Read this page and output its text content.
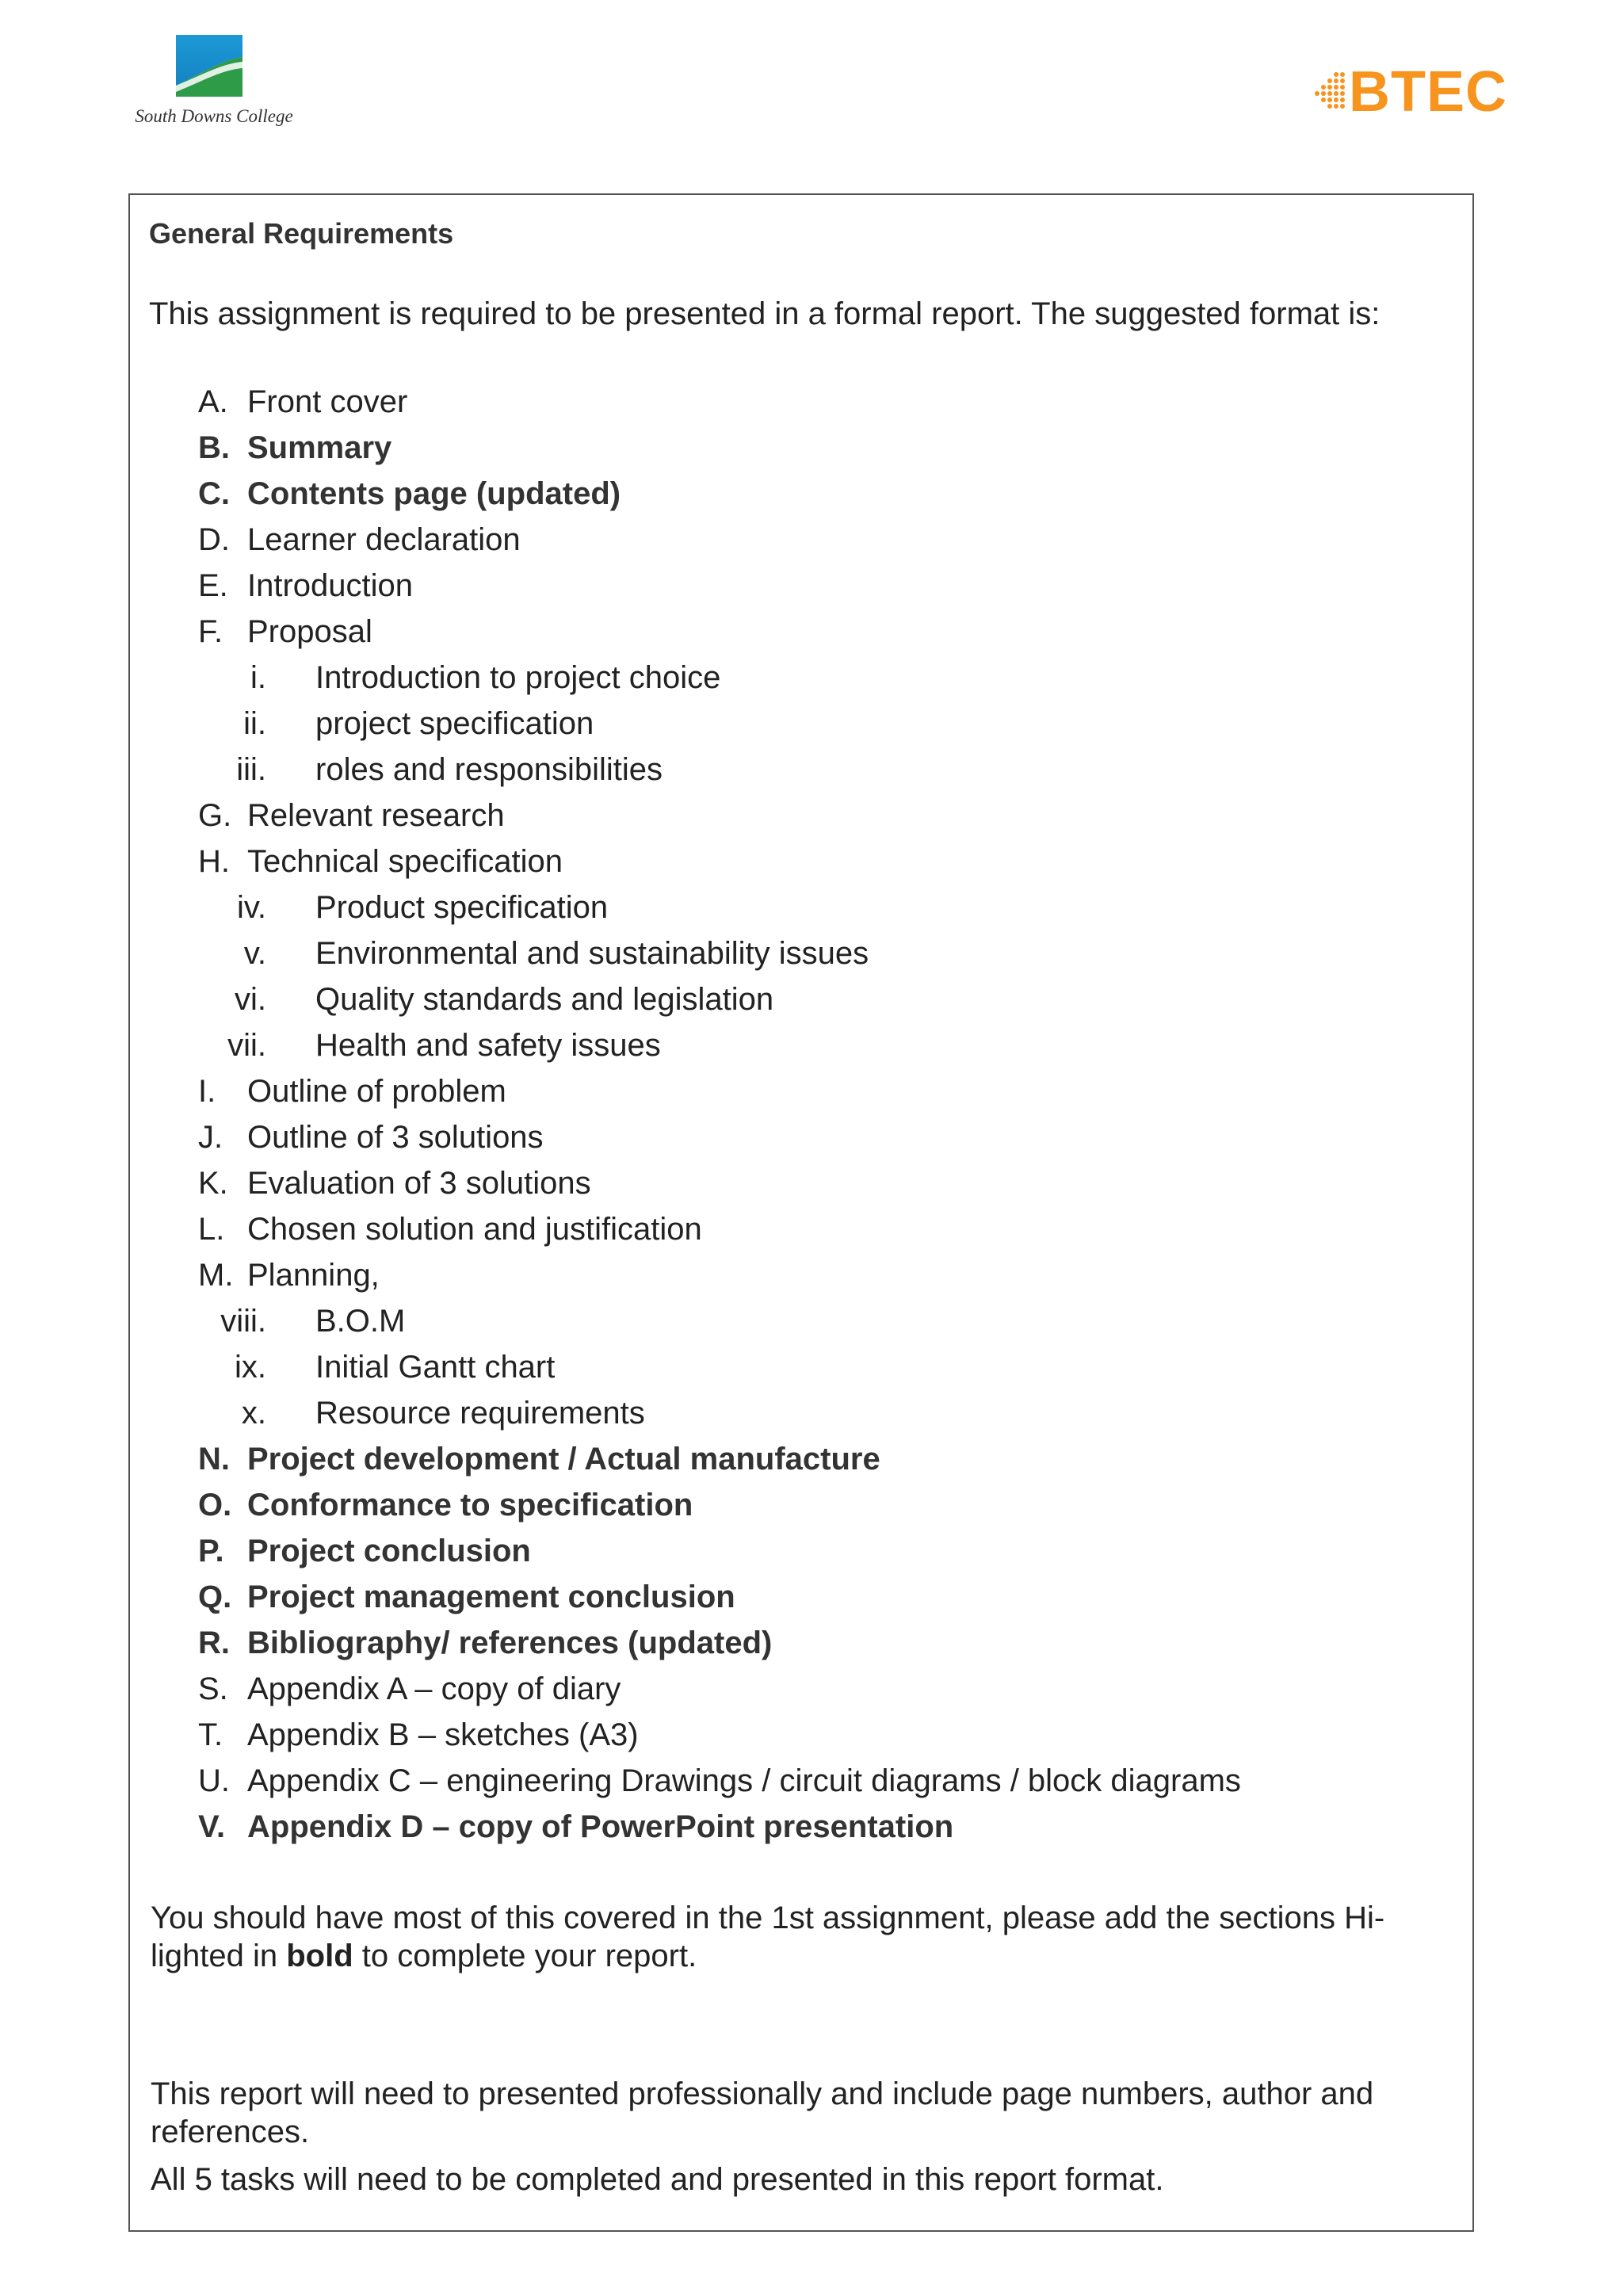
South Downs College	BTEC
General Requirements
This assignment is required to be presented in a formal report. The suggested format is:
A. Front cover
B. Summary
C. Contents page (updated)
D. Learner declaration
E. Introduction
F. Proposal
i.	Introduction to project choice
ii.	project specification
iii.	roles and responsibilities
G. Relevant research
H. Technical specification
iv.	Product specification
v.	Environmental and sustainability issues
vi.	Quality standards and legislation
vii.	Health and safety issues
I. Outline of problem
J. Outline of 3 solutions
K. Evaluation of 3 solutions
L. Chosen solution and justification
M. Planning,
viii.	B.O.M
ix.	Initial Gantt chart
x.	Resource requirements
N. Project development / Actual manufacture
O. Conformance to specification
P. Project conclusion
Q. Project management conclusion
R. Bibliography/ references (updated)
S. Appendix A – copy of diary
T. Appendix B – sketches (A3)
U. Appendix C – engineering Drawings / circuit diagrams / block diagrams
V. Appendix D – copy of PowerPoint presentation
You should have most of this covered in the 1st assignment, please add the sections Hi-lighted in bold to complete your report.
This report will need to presented professionally and include page numbers, author and references.
All 5 tasks will need to be completed and presented in this report format.
